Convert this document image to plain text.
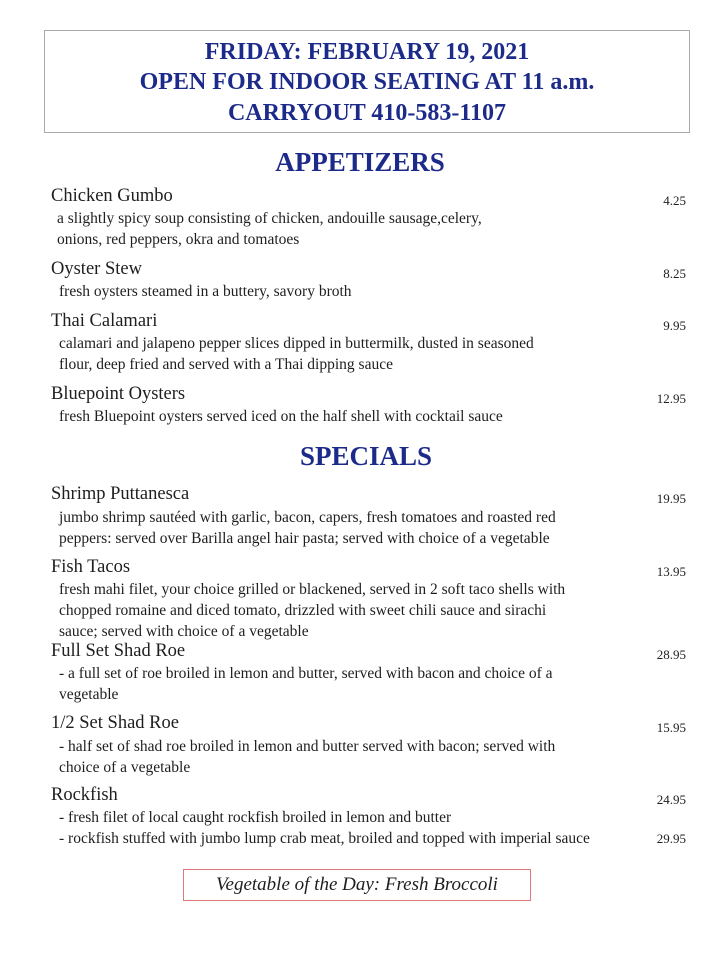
FRIDAY: FEBRUARY 19, 2021
OPEN FOR INDOOR SEATING AT 11 a.m.
CARRYOUT 410-583-1107
APPETIZERS
Chicken Gumbo	4.25
a slightly spicy soup consisting of chicken, andouille sausage,celery,
onions, red peppers, okra and tomatoes
Oyster Stew	8.25
fresh oysters steamed in a buttery, savory broth
Thai Calamari	9.95
calamari and jalapeno pepper slices dipped in buttermilk, dusted in seasoned
flour, deep fried and served with a Thai dipping sauce
Bluepoint Oysters	12.95
fresh Bluepoint oysters served iced on the half shell with cocktail sauce
SPECIALS
Shrimp Puttanesca	19.95
jumbo shrimp sautéed with garlic, bacon, capers, fresh tomatoes and roasted red
peppers: served over Barilla angel hair pasta; served with choice of a vegetable
Fish Tacos	13.95
fresh mahi filet, your choice grilled or blackened, served in 2 soft taco shells with
chopped romaine and diced tomato, drizzled with sweet chili sauce and sirachi
sauce; served with choice of a vegetable
Full Set Shad Roe	28.95
- a full set of roe broiled in lemon and butter, served with bacon and choice of a
vegetable
1/2 Set Shad Roe	15.95
- half set of shad roe broiled in lemon and butter served with bacon; served with
choice of a vegetable
Rockfish	24.95
- fresh filet of local caught rockfish broiled in lemon and butter
- rockfish stuffed with jumbo lump crab meat, broiled and topped with imperial sauce	29.95
Vegetable of the Day: Fresh Broccoli
